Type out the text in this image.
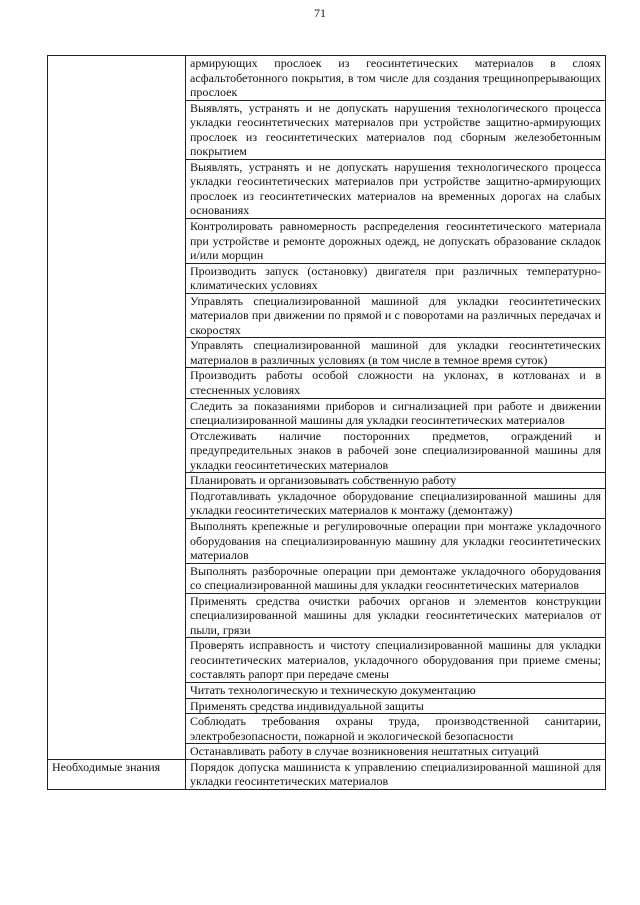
71
	армирующих прослоек из геосинтетических материалов в слоях асфальтобетонного покрытия, в том числе для создания трещинопрерывающих прослоек
	Выявлять, устранять и не допускать нарушения технологического процесса укладки геосинтетических материалов при устройстве защитно-армирующих прослоек из геосинтетических материалов под сборным железобетонным покрытием
	Выявлять, устранять и не допускать нарушения технологического процесса укладки геосинтетических материалов при устройстве защитно-армирующих прослоек из геосинтетических материалов на временных дорогах на слабых основаниях
	Контролировать равномерность распределения геосинтетического материала при устройстве и ремонте дорожных одежд, не допускать образование складок и/или морщин
	Производить запуск (остановку) двигателя при различных температурно-климатических условиях
	Управлять специализированной машиной для укладки геосинтетических материалов при движении по прямой и с поворотами на различных передачах и скоростях
	Управлять специализированной машиной для укладки геосинтетических материалов в различных условиях (в том числе в темное время суток)
	Производить работы особой сложности на уклонах, в котлованах и в стесненных условиях
	Следить за показаниями приборов и сигнализацией при работе и движении специализированной машины для укладки геосинтетических материалов
	Отслеживать наличие посторонних предметов, ограждений и предупредительных знаков в рабочей зоне специализированной машины для укладки геосинтетических материалов
	Планировать и организовывать собственную работу
	Подготавливать укладочное оборудование специализированной машины для укладки геосинтетических материалов к монтажу (демонтажу)
	Выполнять крепежные и регулировочные операции при монтаже укладочного оборудования на специализированную машину для укладки геосинтетических материалов
	Выполнять разборочные операции при демонтаже укладочного оборудования со специализированной машины для укладки геосинтетических материалов
	Применять средства очистки рабочих органов и элементов конструкции специализированной машины для укладки геосинтетических материалов от пыли, грязи
	Проверять исправность и чистоту специализированной машины для укладки геосинтетических материалов, укладочного оборудования при приеме смены; составлять рапорт при передаче смены
	Читать технологическую и техническую документацию
	Применять средства индивидуальной защиты
	Соблюдать требования охраны труда, производственной санитарии, электробезопасности, пожарной и экологической безопасности
	Останавливать работу в случае возникновения нештатных ситуаций
Необходимые знания	Порядок допуска машиниста к управлению специализированной машиной для укладки геосинтетических материалов
